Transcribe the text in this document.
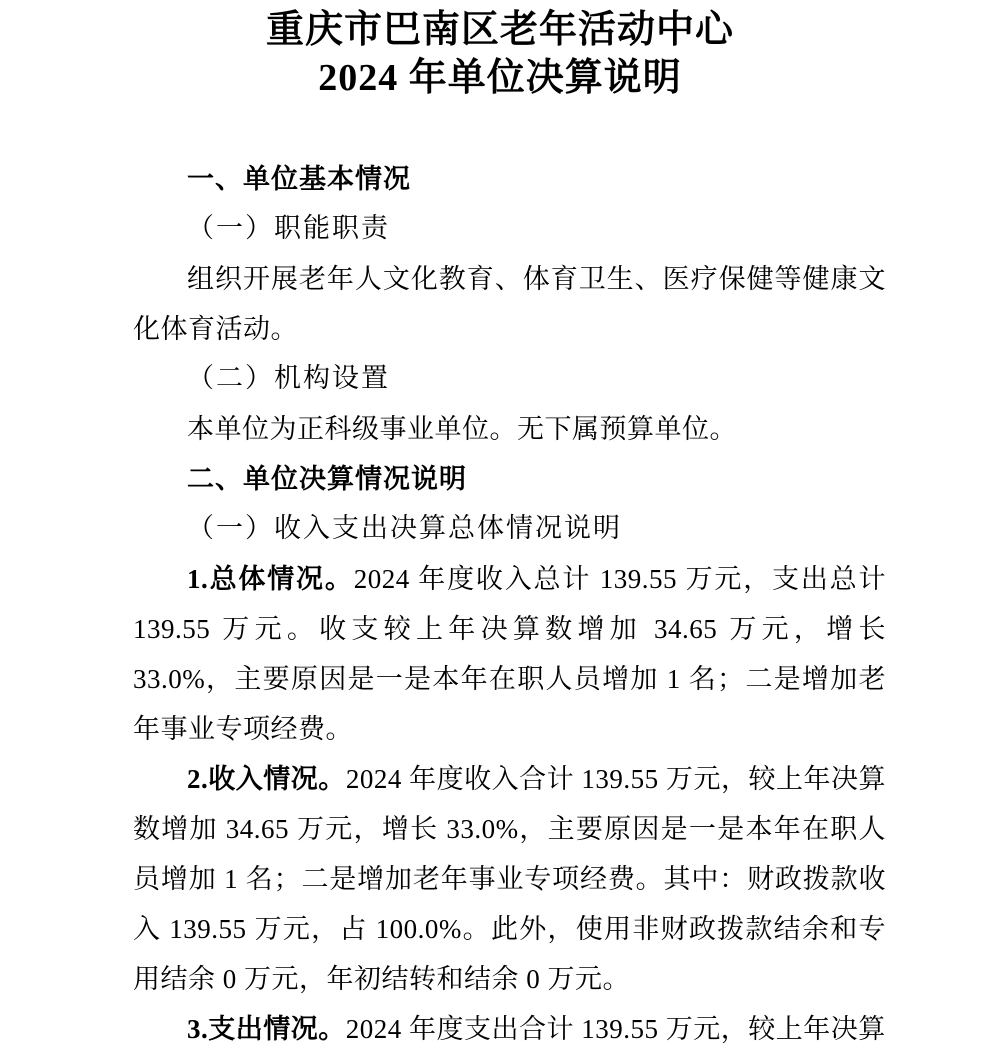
重庆市巴南区老年活动中心
2024 年单位决算说明

一、单位基本情况

（一）职能职责

组织开展老年人文化教育、体育卫生、医疗保健等健康文化体育活动。

（二）机构设置

本单位为正科级事业单位。无下属预算单位。

二、单位决算情况说明

（一）收入支出决算总体情况说明

1.总体情况。2024 年度收入总计 139.55 万元，支出总计 139.55 万元。收支较上年决算数增加 34.65 万元，增长 33.0%，主要原因是一是本年在职人员增加 1 名；二是增加老年事业专项经费。

2.收入情况。2024 年度收入合计 139.55 万元，较上年决算数增加 34.65 万元，增长 33.0%，主要原因是一是本年在职人员增加 1 名；二是增加老年事业专项经费。其中：财政拨款收入 139.55 万元，占 100.0%。此外，使用非财政拨款结余和专用结余 0 万元，年初结转和结余 0 万元。

3.支出情况。2024 年度支出合计 139.55 万元，较上年决算
